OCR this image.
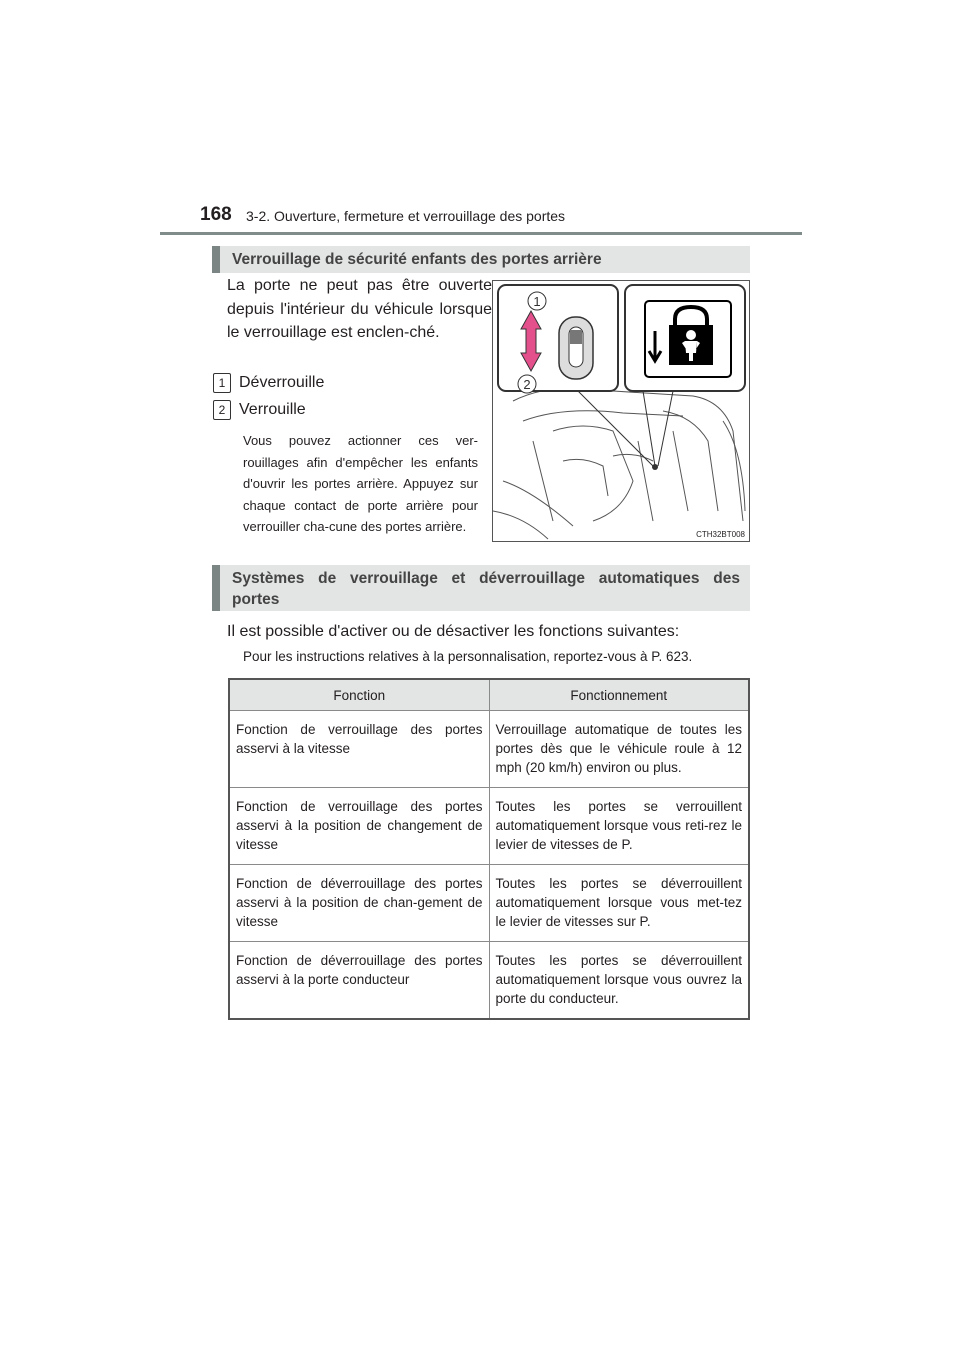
168 3-2. Ouverture, fermeture et verrouillage des portes
Verrouillage de sécurité enfants des portes arrière
La porte ne peut pas être ouverte depuis l'intérieur du véhicule lorsque le verrouillage est enclen-ché.
1 Déverrouille
2 Verrouille
Vous pouvez actionner ces ver-rouillages afin d'empêcher les enfants d'ouvrir les portes arrière. Appuyez sur chaque contact de porte arrière pour verrouiller cha-cune des portes arrière.
1
2
CTH32BT008
Systèmes de verrouillage et déverrouillage automatiques des
portes
Il est possible d'activer ou de désactiver les fonctions suivantes:
Pour les instructions relatives à la personnalisation, reportez-vous à P. 623.
Fonction	Fonctionnement
Fonction de verrouillage des portes asservi à la vitesse	Verrouillage automatique de toutes les portes dès que le véhicule roule à 12 mph (20 km/h) environ ou plus.
Fonction de verrouillage des portes asservi à la position de changement de vitesse	Toutes les portes se verrouillent automatiquement lorsque vous reti-rez le levier de vitesses de P.
Fonction de déverrouillage des portes asservi à la position de chan-gement de vitesse	Toutes les portes se déverrouillent automatiquement lorsque vous met-tez le levier de vitesses sur P.
Fonction de déverrouillage des portes asservi à la porte conducteur	Toutes les portes se déverrouillent automatiquement lorsque vous ouvrez la porte du conducteur.
